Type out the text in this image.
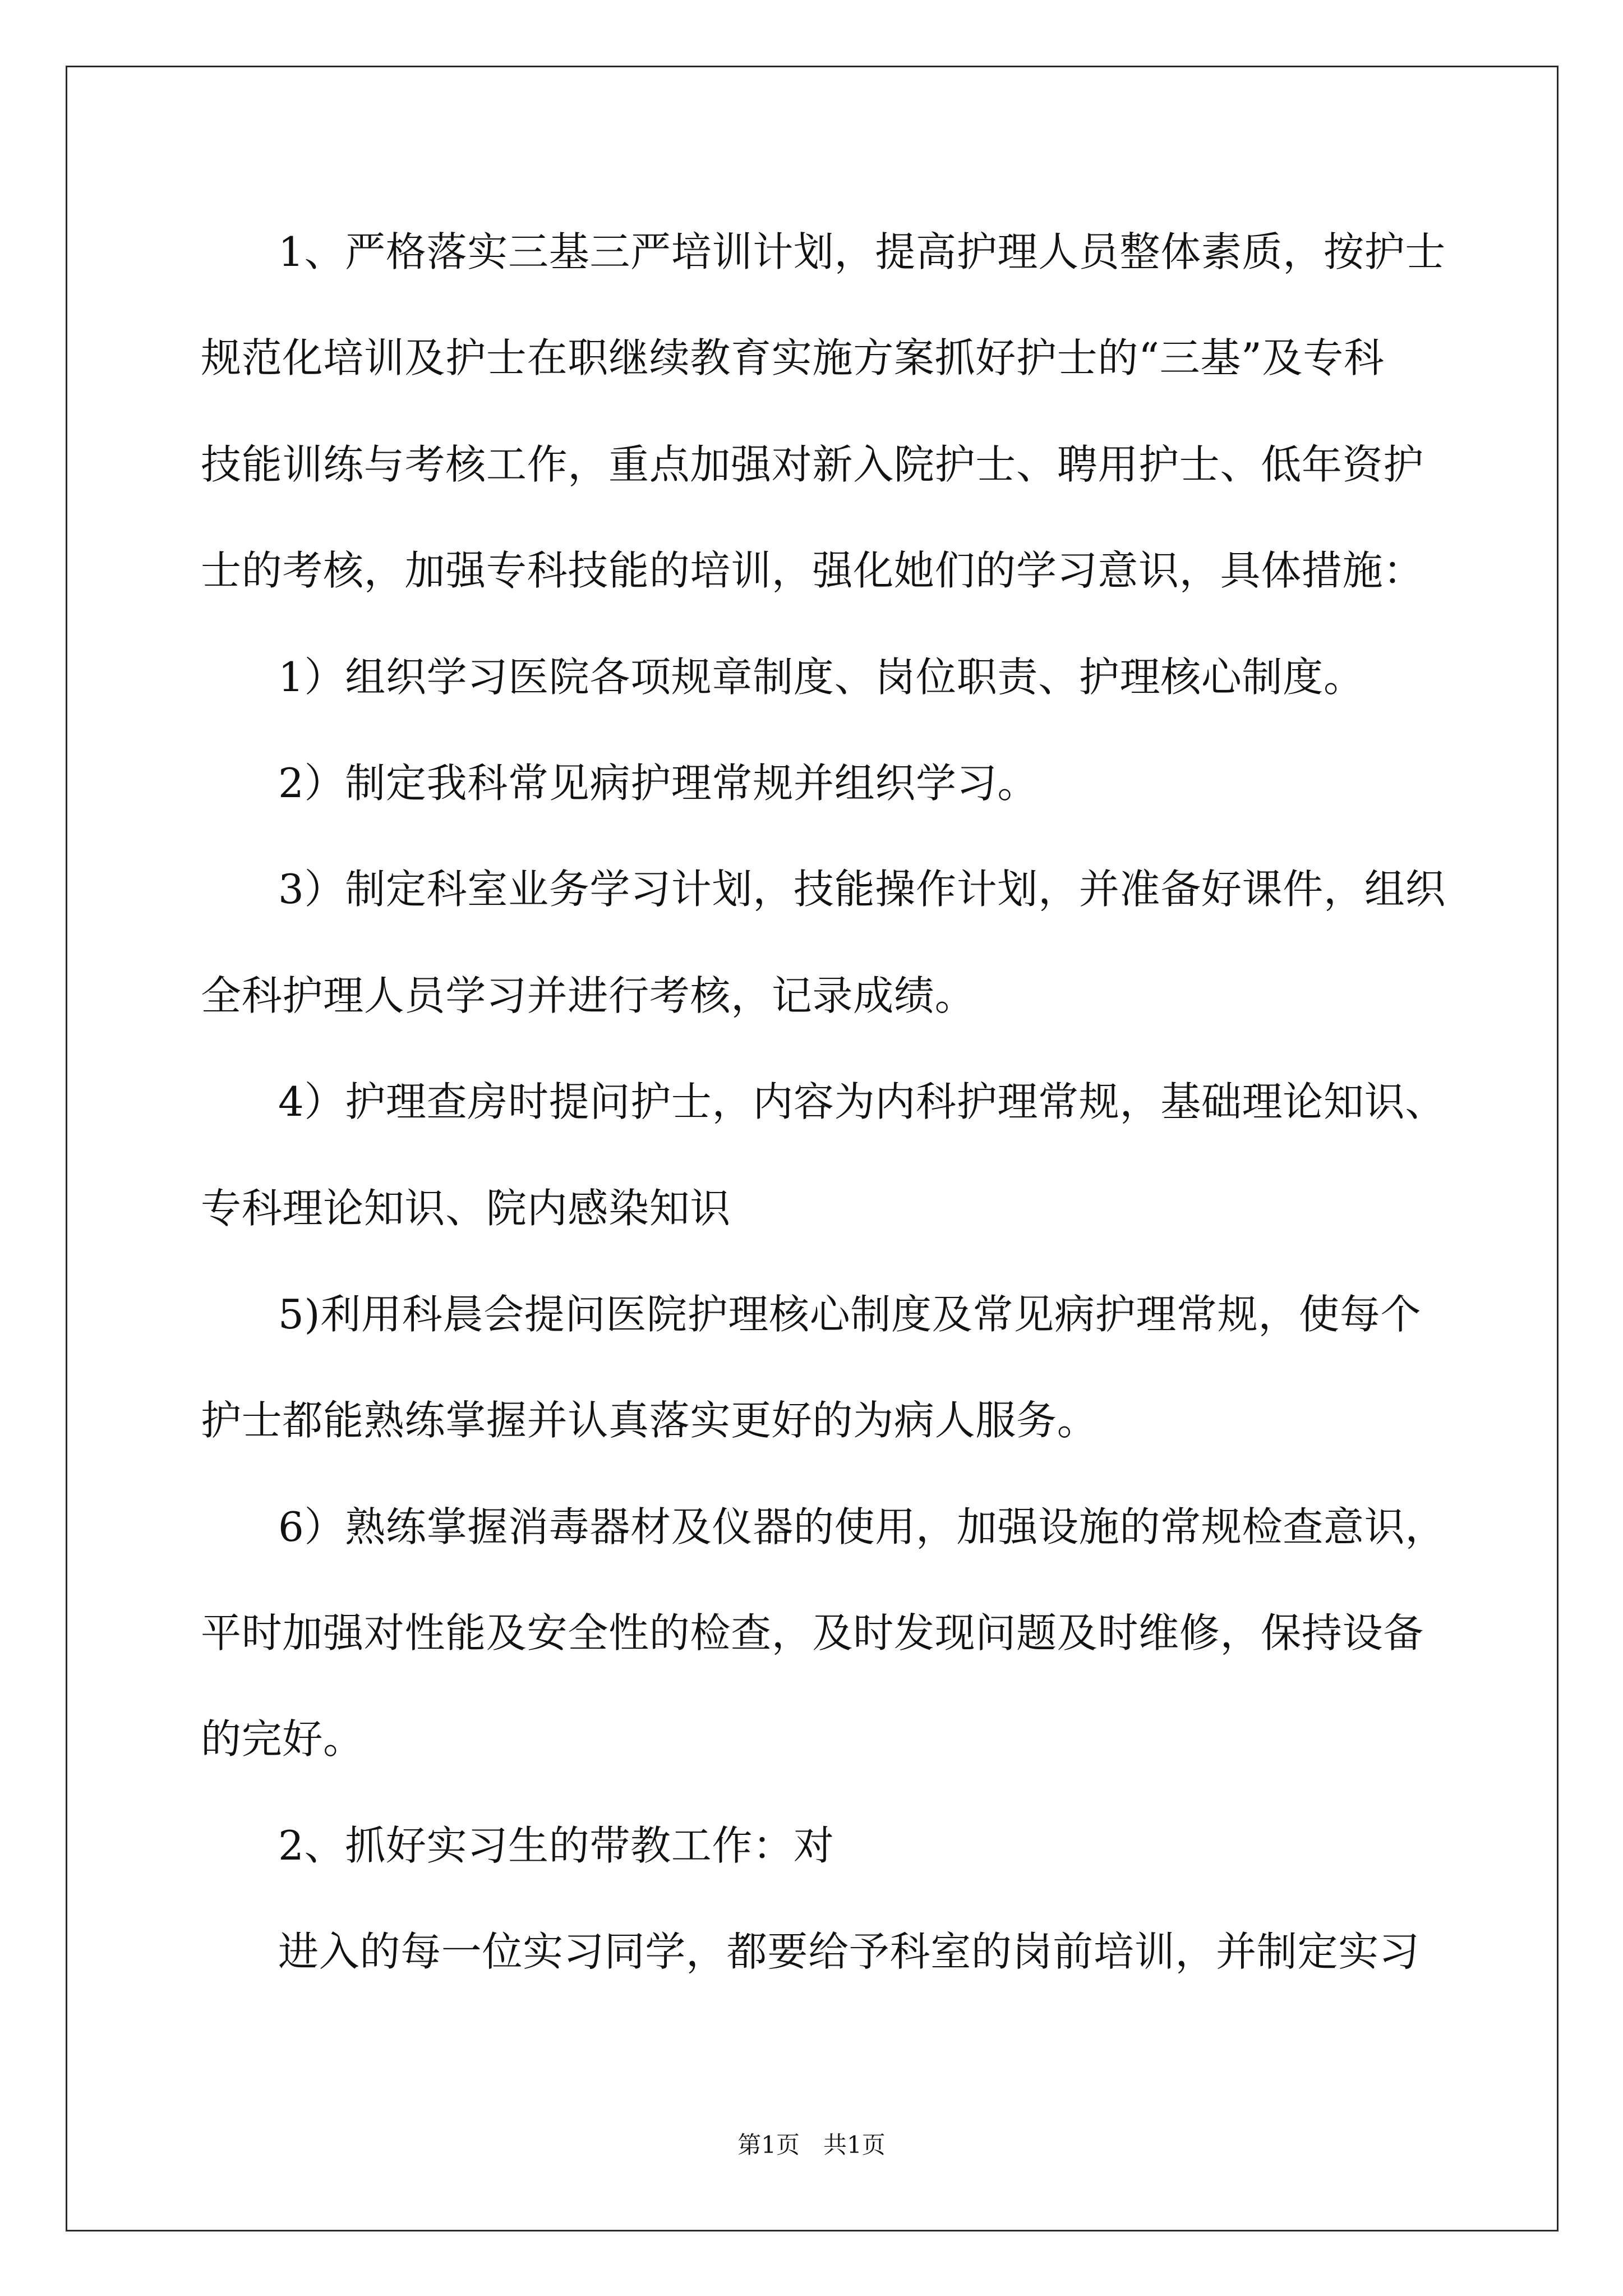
1、严格落实三基三严培训计划，提高护理人员整体素质，按护士
规范化培训及护士在职继续教育实施方案抓好护士的“三基”及专科
技能训练与考核工作，重点加强对新入院护士、聘用护士、低年资护
士的考核，加强专科技能的培训，强化她们的学习意识，具体措施：
1）组织学习医院各项规章制度、岗位职责、护理核心制度。
2）制定我科常见病护理常规并组织学习。
3）制定科室业务学习计划，技能操作计划，并准备好课件，组织
全科护理人员学习并进行考核，记录成绩。
4）护理查房时提问护士，内容为内科护理常规，基础理论知识、
专科理论知识、院内感染知识
5)利用科晨会提问医院护理核心制度及常见病护理常规，使每个
护士都能熟练掌握并认真落实更好的为病人服务。
6）熟练掌握消毒器材及仪器的使用，加强设施的常规检查意识，
平时加强对性能及安全性的检查，及时发现问题及时维修，保持设备
的完好。
2、抓好实习生的带教工作：对
进入的每一位实习同学，都要给予科室的岗前培训，并制定实习
第1页　共1页
